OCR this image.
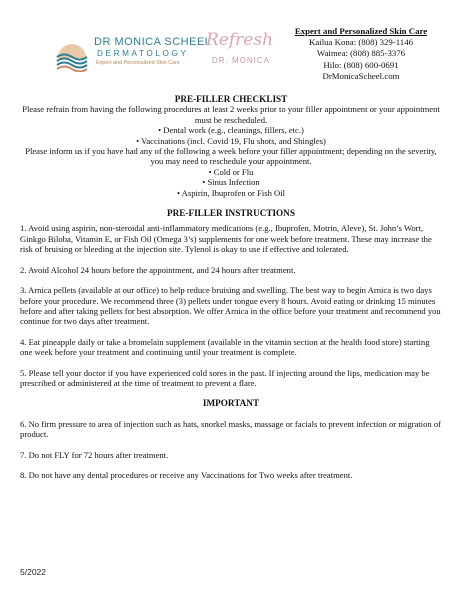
DR MONICA SCHEEL
DERMATOLOGY
Expert and Personalized Skin Care
Refresh
DR. MONICA
Expert and Personalized Skin Care
Kailua Kona: (808) 329-1146
Waimea: (808) 885-3376
Hilo: (808) 600-0691
DrMonicaScheel.com

PRE-FILLER CHECKLIST

Please refrain from having the following procedures at least 2 weeks prior to your filler appointment or your appointment must be rescheduled.

• Dental work (e.g., cleanings, fillers, etc.)

• Vaccinations (incl. Covid 19, Flu shots, and Shingles)

Please inform us if you have had any of the following a week before your filler appointment; depending on the severity, you may need to reschedule your appointment.

• Cold or Flu

• Sinus Infection

• Aspirin, Ibuprofen or Fish Oil

PRE-FILLER INSTRUCTIONS

1. Avoid using aspirin, non-steroidal anti-inflammatory medications (e.g., Ibuprofen, Motrin, Aleve), St. John’s Wort, Ginkgo Biloba, Vitamin E, or Fish Oil (Omega 3’s) supplements for one week before treatment. These may increase the risk of bruising or bleeding at the injection site. Tylenol is okay to use if effective and tolerated.

2. Avoid Alcohol 24 hours before the appointment, and 24 hours after treatment.

3. Arnica pellets (available at our office) to help reduce bruising and swelling. The best way to begin Arnica is two days before your procedure. We recommend three (3) pellets under tongue every 8 hours. Avoid eating or drinking 15 minutes before and after taking pellets for best absorption. We offer Arnica in the office before your treatment and recommend you continue for two days after treatment.

4. Eat pineapple daily or take a bromelain supplement (available in the vitamin section at the health food store) starting one week before your treatment and continuing until your treatment is complete.

5. Please tell your doctor if you have experienced cold sores in the past. If injecting around the lips, medication may be prescribed or administered at the time of treatment to prevent a flare.

IMPORTANT

6. No firm pressure to area of injection such as hats, snorkel masks, massage or facials to prevent infection or migration of product.

7. Do not FLY for 72 hours after treatment.

8. Do not have any dental procedures or receive any Vaccinations for Two weeks after treatment.

5/2022
